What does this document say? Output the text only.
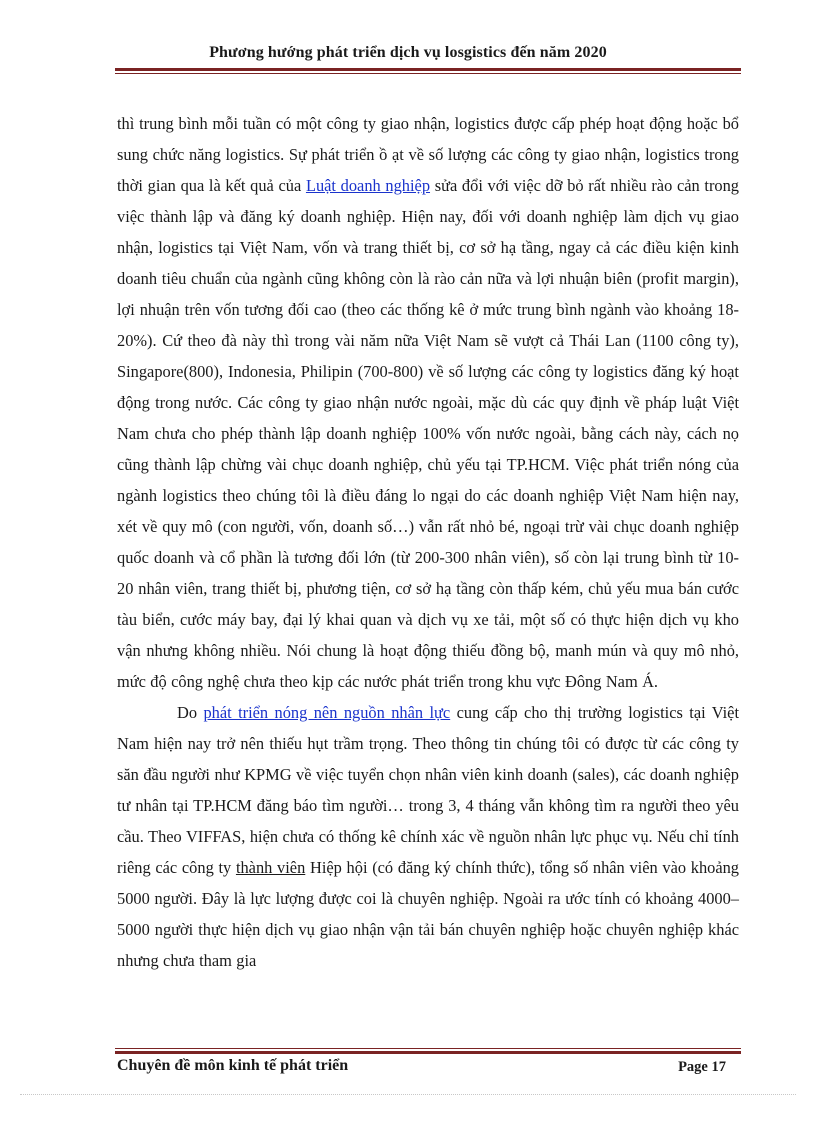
Phương hướng phát triển dịch vụ losgistics đến năm 2020

thì trung bình mỗi tuần có một công ty giao nhận, logistics được cấp phép hoạt động hoặc bổ sung chức năng logistics. Sự phát triển ồ ạt về số lượng các công ty giao nhận, logistics trong thời gian qua là kết quả của Luật doanh nghiệp sửa đổi với việc dỡ bỏ rất nhiều rào cản trong việc thành lập và đăng ký doanh nghiệp. Hiện nay, đối với doanh nghiệp làm dịch vụ giao nhận, logistics tại Việt Nam, vốn và trang thiết bị, cơ sở hạ tầng, ngay cả các điều kiện kinh doanh tiêu chuẩn của ngành cũng không còn là rào cản nữa và lợi nhuận biên (profit margin), lợi nhuận trên vốn tương đối cao (theo các thống kê ở mức trung bình ngành vào khoảng 18-20%). Cứ theo đà này thì trong vài năm nữa Việt Nam sẽ vượt cả Thái Lan (1100 công ty), Singapore(800), Indonesia, Philipin (700-800) về số lượng các công ty logistics đăng ký hoạt động trong nước. Các công ty giao nhận nước ngoài, mặc dù các quy định về pháp luật Việt Nam chưa cho phép thành lập doanh nghiệp 100% vốn nước ngoài, bằng cách này, cách nọ cũng thành lập chừng vài chục doanh nghiệp, chủ yếu tại TP.HCM. Việc phát triển nóng của ngành logistics theo chúng tôi là điều đáng lo ngại do các doanh nghiệp Việt Nam hiện nay, xét về quy mô (con người, vốn, doanh số…) vẫn rất nhỏ bé, ngoại trừ vài chục doanh nghiệp quốc doanh và cổ phần là tương đối lớn (từ 200-300 nhân viên), số còn lại trung bình từ 10-20 nhân viên, trang thiết bị, phương tiện, cơ sở hạ tầng còn thấp kém, chủ yếu mua bán cước tàu biển, cước máy bay, đại lý khai quan và dịch vụ xe tải, một số có thực hiện dịch vụ kho vận nhưng không nhiều. Nói chung là hoạt động thiếu đồng bộ, manh mún và quy mô nhỏ, mức độ công nghệ chưa theo kịp các nước phát triển trong khu vực Đông Nam Á.

Do phát triển nóng nên nguồn nhân lực cung cấp cho thị trường logistics tại Việt Nam hiện nay trở nên thiếu hụt trầm trọng. Theo thông tin chúng tôi có được từ các công ty săn đầu người như KPMG về việc tuyển chọn nhân viên kinh doanh (sales), các doanh nghiệp tư nhân tại TP.HCM đăng báo tìm người… trong 3, 4 tháng vẫn không tìm ra người theo yêu cầu. Theo VIFFAS, hiện chưa có thống kê chính xác về nguồn nhân lực phục vụ. Nếu chỉ tính riêng các công ty thành viên Hiệp hội (có đăng ký chính thức), tổng số nhân viên vào khoảng 5000 người. Đây là lực lượng được coi là chuyên nghiệp. Ngoài ra ước tính có khoảng 4000–5000 người thực hiện dịch vụ giao nhận vận tải bán chuyên nghiệp hoặc chuyên nghiệp khác nhưng chưa tham gia

Chuyên đề môn kinh tế phát triển	Page 17
